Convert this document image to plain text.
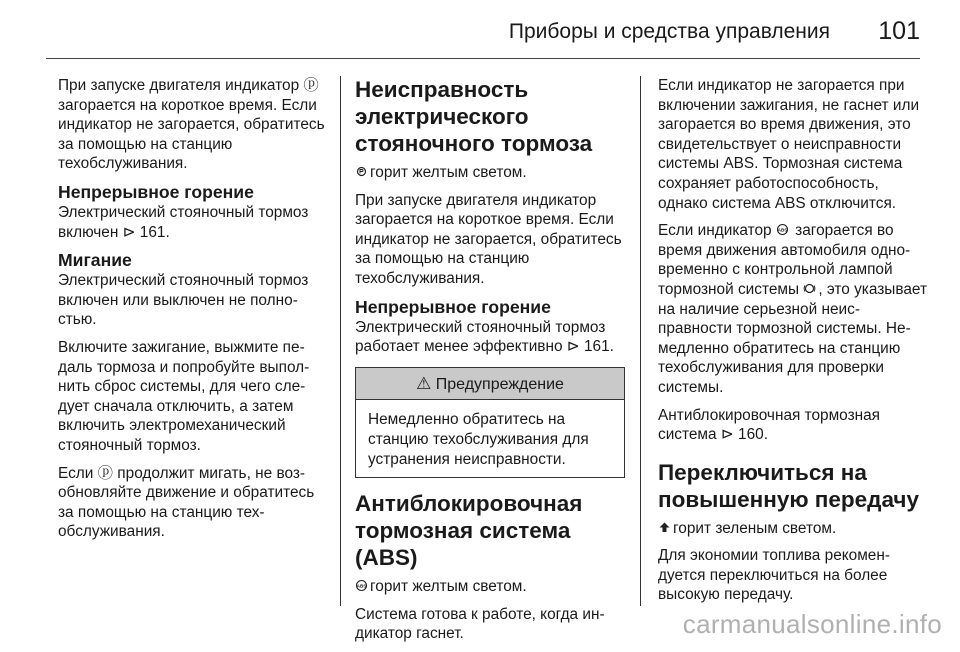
Приборы и средства управления 101

При запуске двигателя индикатор ⓟ загорается на короткое время. Если индикатор не загорается, обратитесь за помощью на станцию техобслуживания.

Непрерывное горение

Электрический стояночный тормоз включен ⊳ 161.

Мигание

Электрический стояночный тормоз включен или выключен не полностью.

Включите зажигание, выжмите педаль тормоза и попробуйте выполнить сброс системы, для чего следует сначала отключить, а затем включить электромеханический стояночный тормоз.

Если ⓟ продолжит мигать, не возобновляйте движение и обратитесь за помощью на станцию техобслуживания.

Неисправность электрического стояночного тормоза

горит желтым светом.

При запуске двигателя индикатор загорается на короткое время. Если индикатор не загорается, обратитесь за помощью на станцию техобслуживания.

Непрерывное горение

Электрический стояночный тормоз работает менее эффективно ⊳ 161.

⚠ Предупреждение
Немедленно обратитесь на станцию техобслуживания для устранения неисправности.
Антиблокировочная тормозная система (ABS)

ABS горит желтым светом.

Система готова к работе, когда индикатор гаснет.

Если индикатор не загорается при включении зажигания, не гаснет или загорается во время движения, это свидетельствует о неисправности системы ABS. Тормозная система сохраняет работоспособность, однако система ABS отключится.

Если индикатор ABS загорается во время движения автомобиля одновременно с контрольной лампой тормозной системы , это указывает на наличие серьезной неисправности тормозной системы. Немедленно обратитесь на станцию техобслуживания для проверки системы.

Антиблокировочная тормозная система ⊳ 160.

Переключиться на повышенную передачу

горит зеленым светом.

Для экономии топлива рекомендуется переключиться на более высокую передачу.

carmanualsonline.info
